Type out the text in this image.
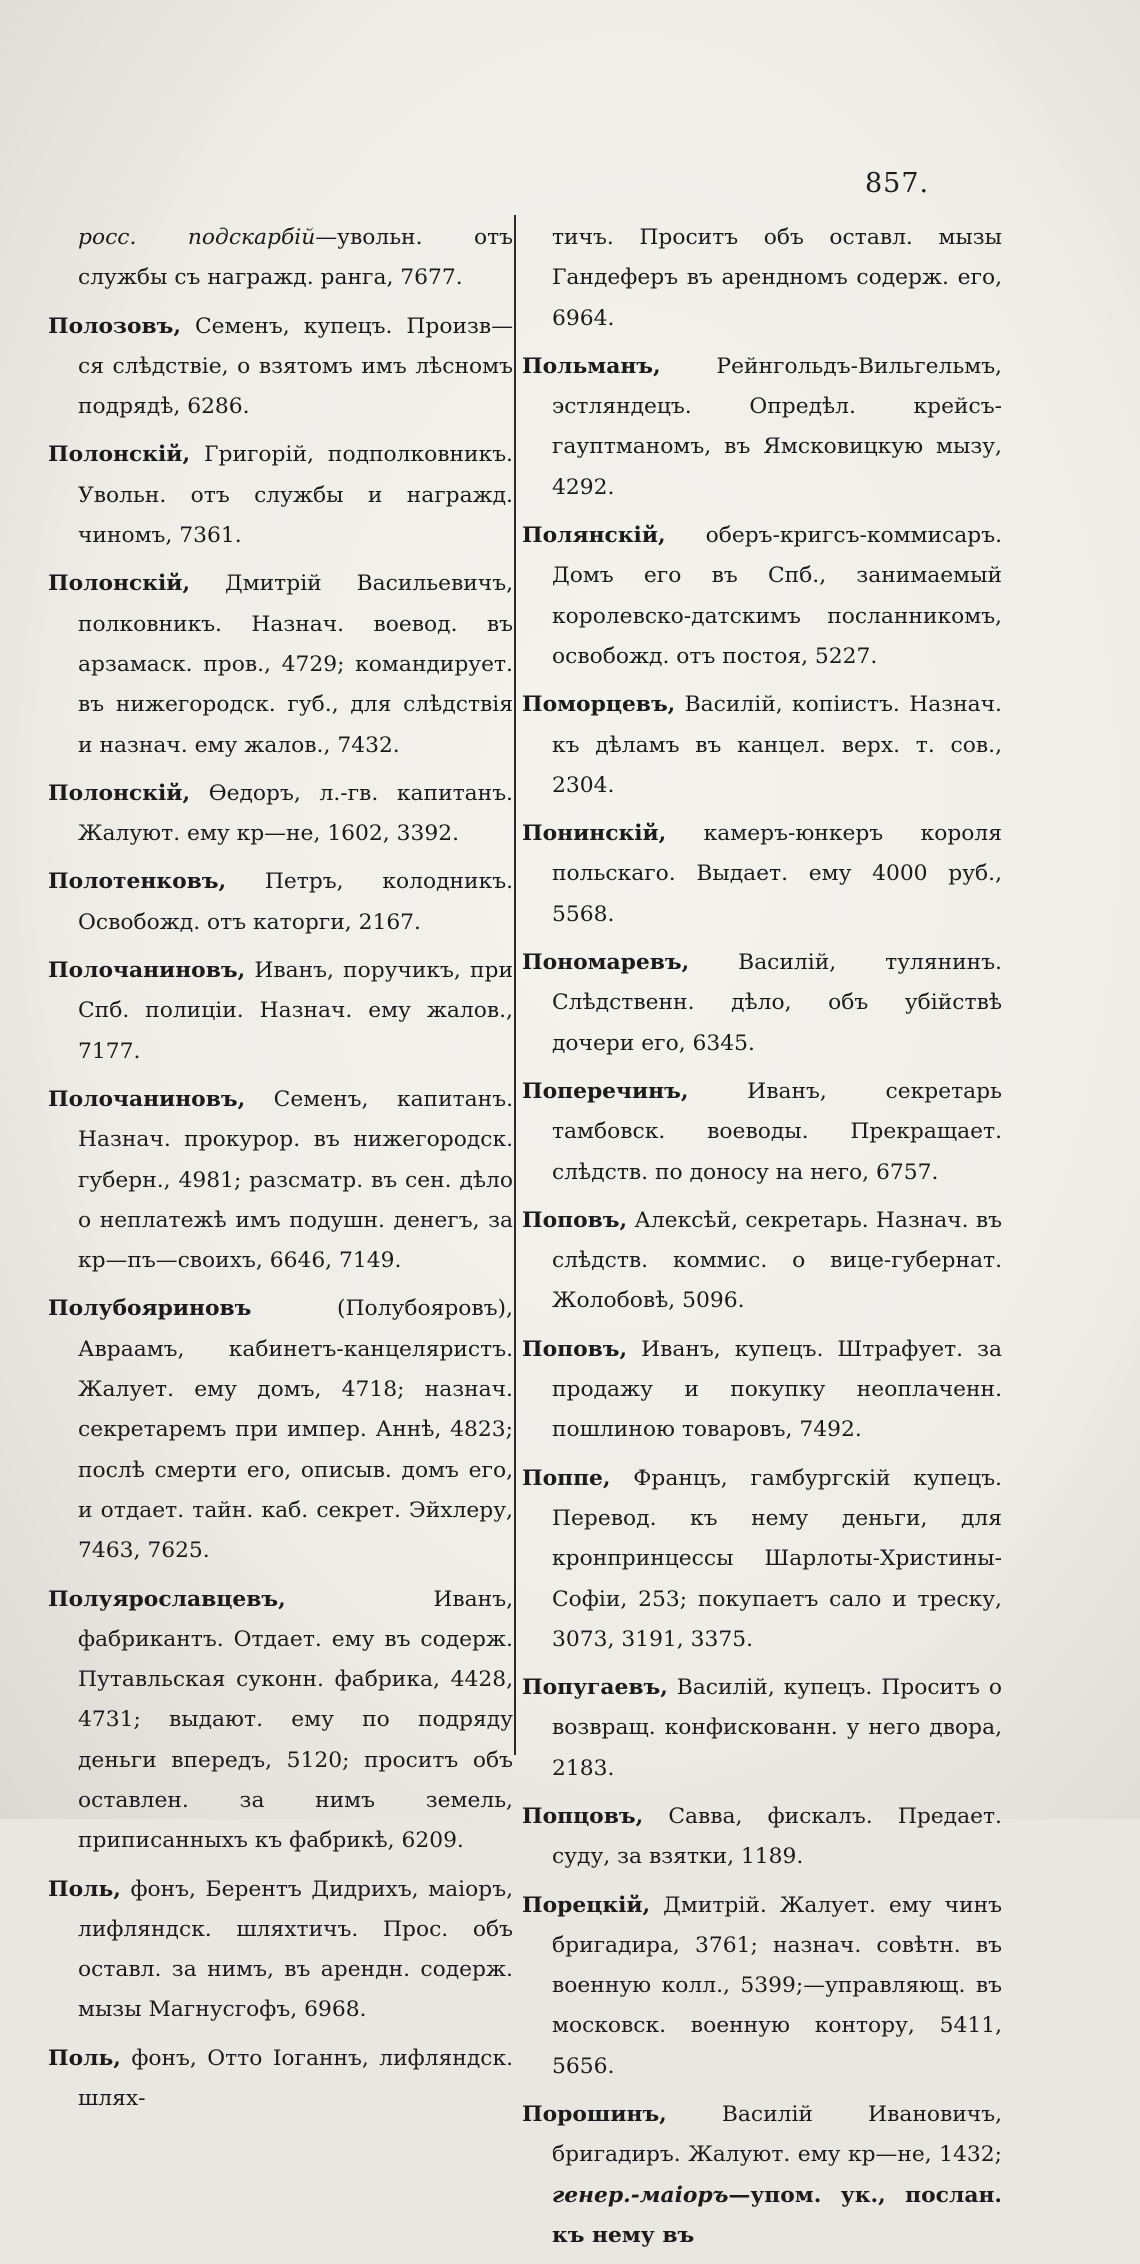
857.
росс. подскарбій—увольн. отъ службы съ награжд. ранга, 7677.
Полозовъ, Семенъ, купецъ. Произв—ся слѣдствіе, о взятомъ имъ лѣсномъ подрядѣ, 6286.
Полонскій, Григорій, подполковникъ. Увольн. отъ службы и награжд. чиномъ, 7361.
Полонскій, Дмитрій Васильевичъ, полковникъ. Назнач. воевод. въ арзамаск. пров., 4729; командирует. въ нижегородск. губ., для слѣдствія и назнач. ему жалов., 7432.
Полонскій, Өедоръ, л.-гв. капитанъ. Жалуют. ему кр—не, 1602, 3392.
Полотенковъ, Петръ, колодникъ. Освобожд. отъ каторги, 2167.
Полочаниновъ, Иванъ, поручикъ, при Спб. полиціи. Назнач. ему жалов., 7177.
Полочаниновъ, Семенъ, капитанъ. Назнач. прокурор. въ нижегородск. губерн., 4981; разсматр. въ сен. дѣло о неплатежѣ имъ подушн. денегъ, за кр—пъ—своихъ, 6646, 7149.
Полубояриновъ (Полубояровъ), Авраамъ, кабинетъ-канцеляристъ. Жалует. ему домъ, 4718; назнач. секретаремъ при импер. Аннѣ, 4823; послѣ смерти его, описыв. домъ его, и отдает. тайн. каб. секрет. Эйхлеру, 7463, 7625.
Полуярославцевъ, Иванъ, фабрикантъ. Отдает. ему въ содерж. Путавльская суконн. фабрика, 4428, 4731; выдают. ему по подряду деньги впередъ, 5120; проситъ объ оставлен. за нимъ земель, приписанныхъ къ фабрикѣ, 6209.
Поль, фонъ, Берентъ Дидрихъ, маіоръ, лифляндск. шляхтичъ. Прос. объ оставл. за нимъ, въ арендн. содерж. мызы Магнусгофъ, 6968.
Поль, фонъ, Отто Іоганнъ, лифляндск. шлях-
тичъ. Проситъ объ оставл. мызы Гандеферъ въ арендномъ содерж. его, 6964.
Польманъ, Рейнгольдъ-Вильгельмъ, эстляндецъ. Опредѣл. крейсъ-гауптманомъ, въ Ямсковицкую мызу, 4292.
Полянскій, оберъ-кригсъ-коммисаръ. Домъ его въ Спб., занимаемый королевско-датскимъ посланникомъ, освобожд. отъ постоя, 5227.
Поморцевъ, Василій, копіистъ. Назнач. къ дѣламъ въ канцел. верх. т. сов., 2304.
Понинскій, камеръ-юнкеръ короля польскаго. Выдает. ему 4000 руб., 5568.
Пономаревъ, Василій, тулянинъ. Слѣдственн. дѣло, объ убійствѣ дочери его, 6345.
Поперечинъ, Иванъ, секретарь тамбовск. воеводы. Прекращает. слѣдств. по доносу на него, 6757.
Поповъ, Алексѣй, секретарь. Назнач. въ слѣдств. коммис. о вице-губернат. Жолобовѣ, 5096.
Поповъ, Иванъ, купецъ. Штрафует. за продажу и покупку неоплаченн. пошлиною товаровъ, 7492.
Поппе, Францъ, гамбургскій купецъ. Перевод. къ нему деньги, для кронпринцессы Шарлоты-Христины-Софіи, 253; покупаетъ сало и треску, 3073, 3191, 3375.
Попугаевъ, Василій, купецъ. Проситъ о возвращ. конфискованн. у него двора, 2183.
Попцовъ, Савва, фискалъ. Предает. суду, за взятки, 1189.
Порецкій, Дмитрій. Жалует. ему чинъ бригадира, 3761; назнач. совѣтн. въ военную колл., 5399;—управляющ. въ московск. военную контору, 5411, 5656.
Порошинъ, Василій Ивановичъ, бригадиръ. Жалуют. ему кр—не, 1432; генер.-маіоръ—упом. ук., послан. къ нему въ
